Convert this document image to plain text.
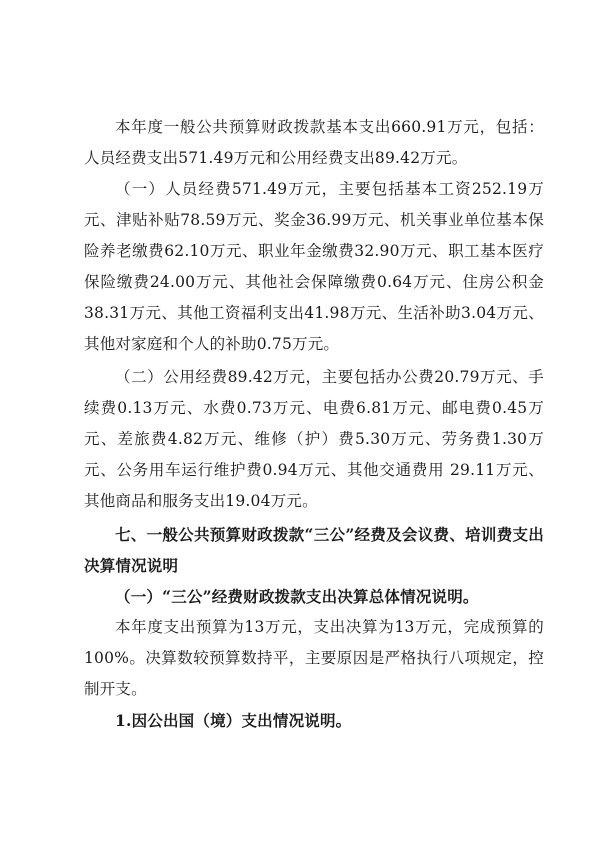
本年度一般公共预算财政拨款基本支出660.91万元，包括：人员经费支出571.49万元和公用经费支出89.42万元。

（一）人员经费571.49万元，主要包括基本工资252.19万元、津贴补贴78.59万元、奖金36.99万元、机关事业单位基本保险养老缴费62.10万元、职业年金缴费32.90万元、职工基本医疗保险缴费24.00万元、其他社会保障缴费0.64万元、住房公积金38.31万元、其他工资福利支出41.98万元、生活补助3.04万元、其他对家庭和个人的补助0.75万元。

（二）公用经费89.42万元，主要包括办公费20.79万元、手续费0.13万元、水费0.73万元、电费6.81万元、邮电费0.45万元、差旅费4.82万元、维修（护）费5.30万元、劳务费1.30万元、公务用车运行维护费0.94万元、其他交通费用 29.11万元、其他商品和服务支出19.04万元。

七、一般公共预算财政拨款“三公”经费及会议费、培训费支出决算情况说明

（一）“三公”经费财政拨款支出决算总体情况说明。

本年度支出预算为13万元，支出决算为13万元，完成预算的100%。决算数较预算数持平，主要原因是严格执行八项规定，控制开支。

1.因公出国（境）支出情况说明。
